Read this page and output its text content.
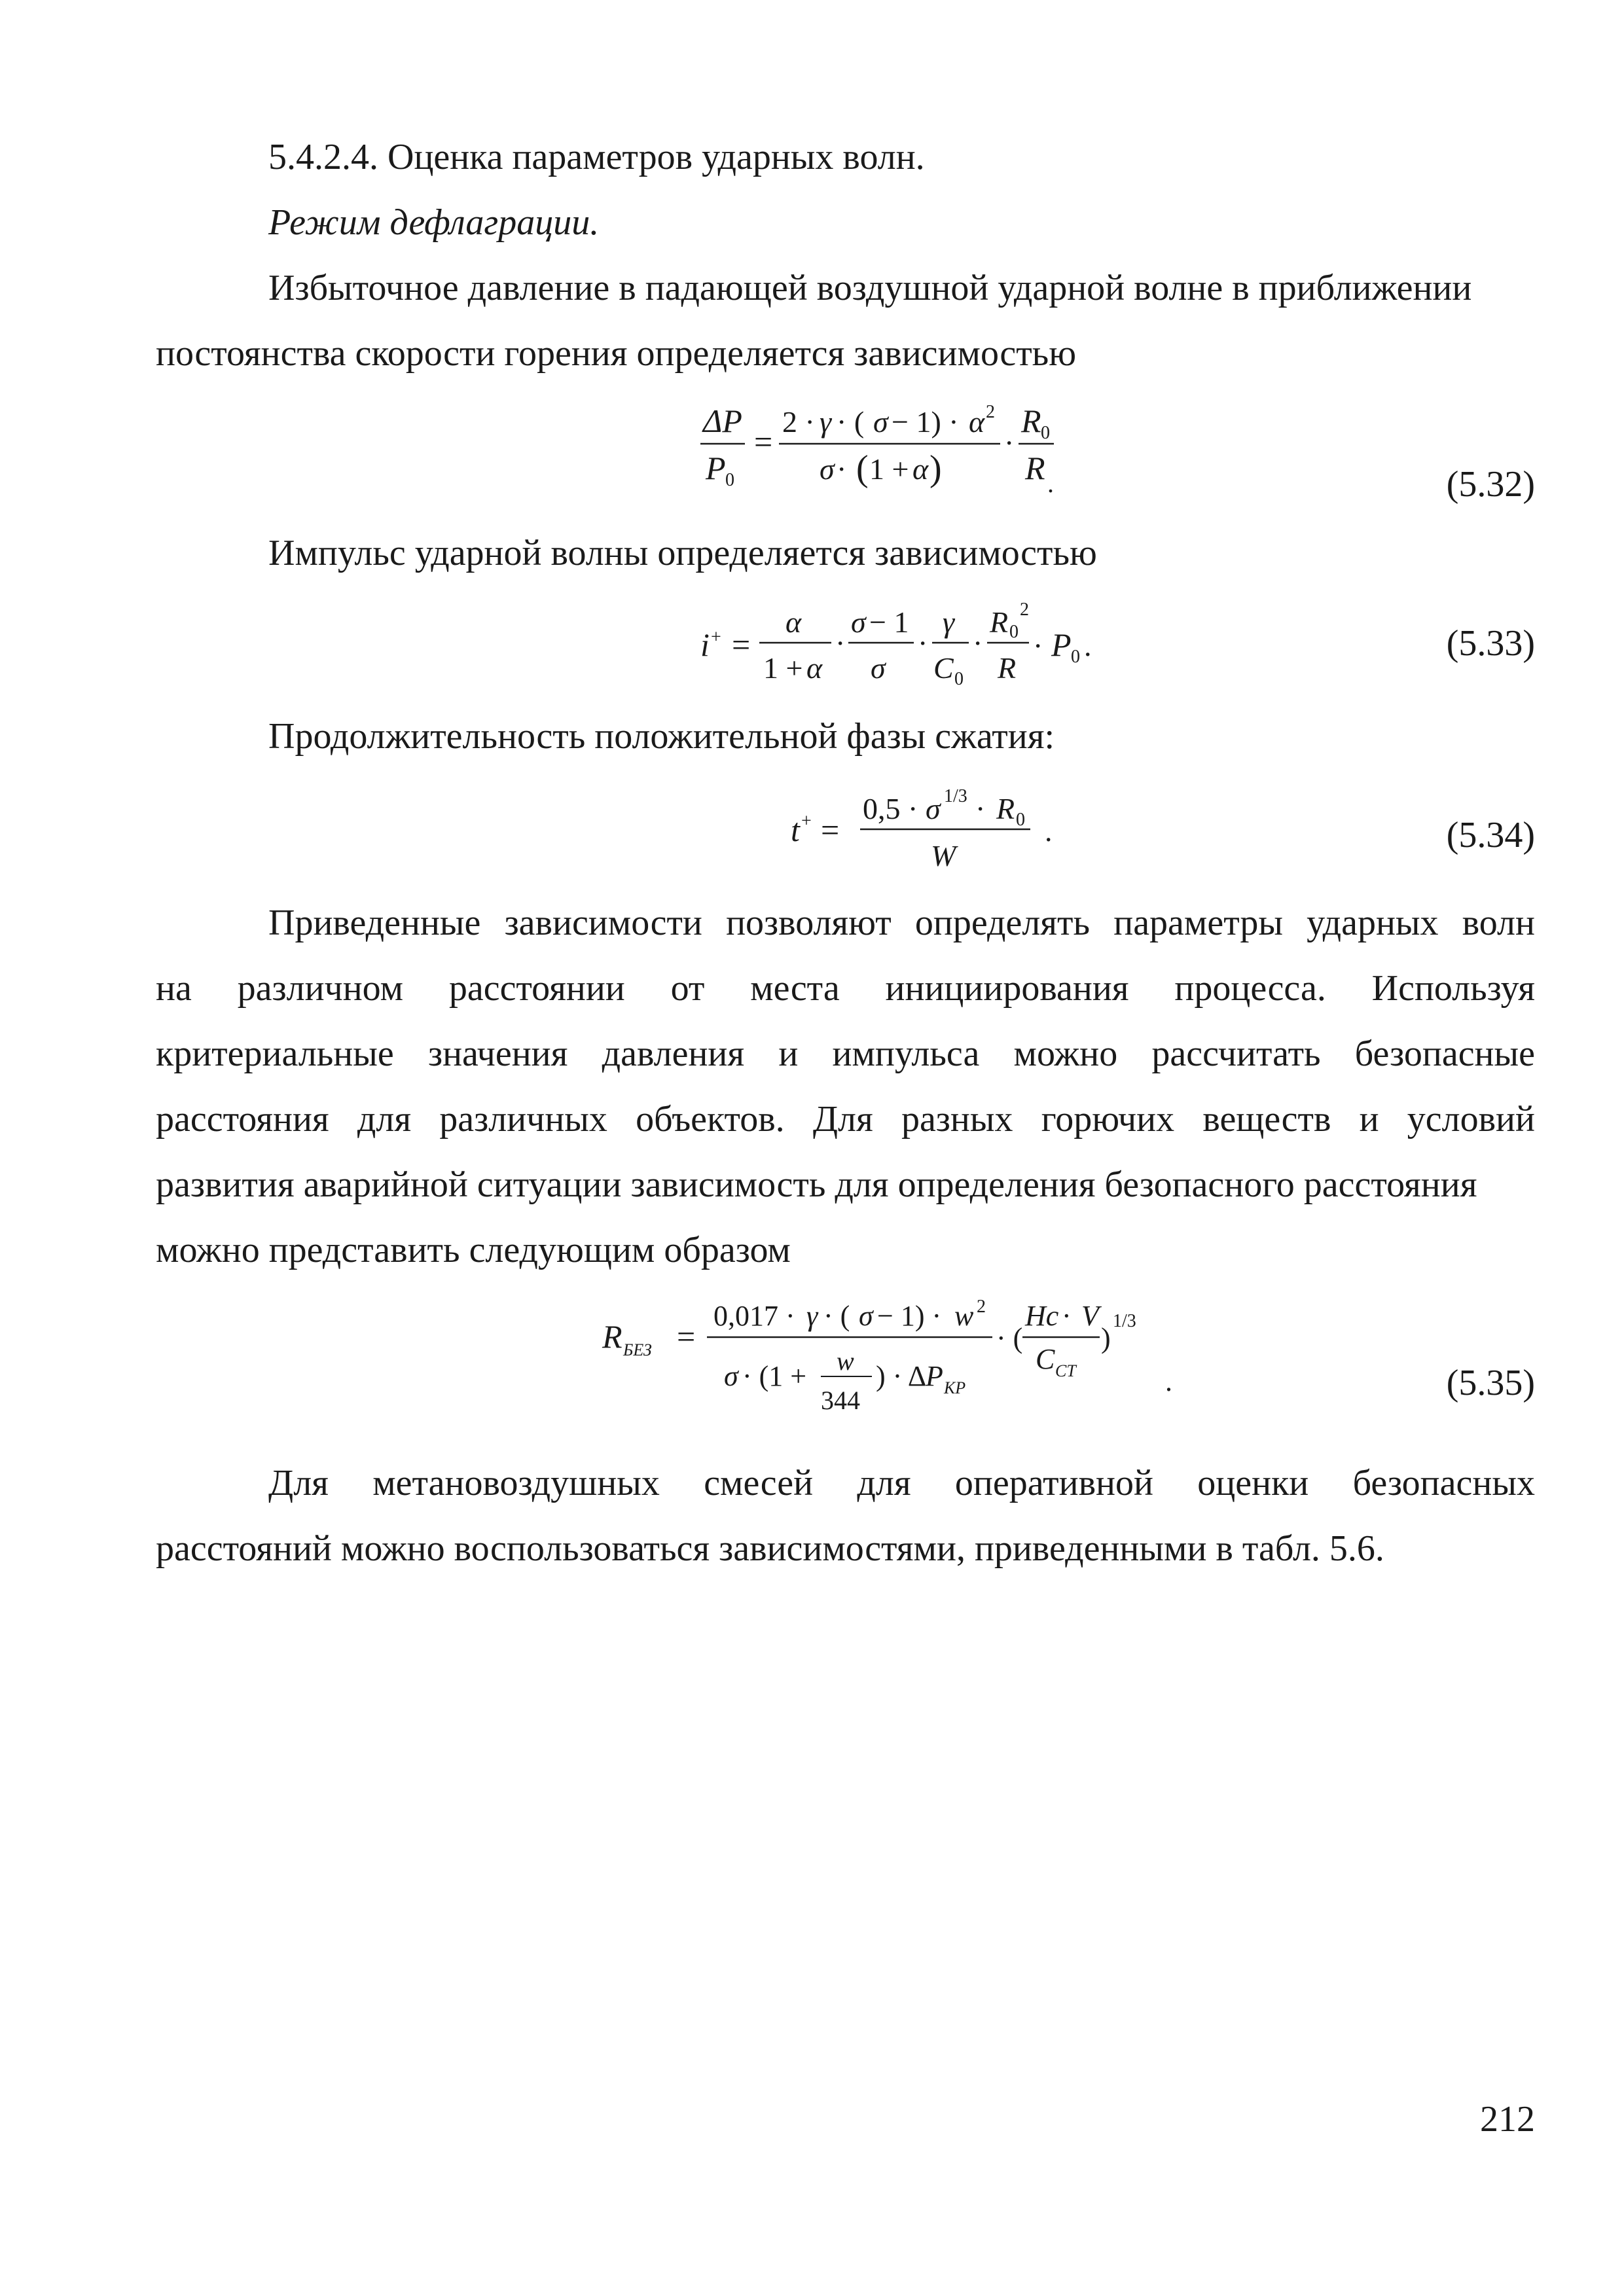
5.4.2.4. Оценка параметров ударных волн.
Режим дефлаграции.
Избыточное давление в падающей воздушной ударной волне в приближении
постоянства скорости горения определяется зависимостью
ΔP
P 0
=
2 · γ · ( σ − 1) · α 2
σ · ( 1 + α )
·
R 0
R .	(5.32)
Импульс ударной волны определяется зависимостью
i + =
α
1 + α
·
σ − 1
σ
·
γ
C 0
·
R 0
2
R
· P 0 .	(5.33)
Продолжительность положительной фазы сжатия:
t + =
0,5 · σ 1/3 · R 0
W
.	(5.34)
Приведенные зависимости позволяют определять параметры ударных волн
на различном расстоянии от места инициирования процесса. Используя
критериальные значения давления и импульса можно рассчитать безопасные
расстояния для различных объектов. Для разных горючих веществ и условий
развития аварийной ситуации зависимость для определения безопасного расстояния
можно представить следующим образом
R БЕЗ =
0,017 · γ · ( σ − 1) · w 2
σ · (1 + w
344
) · Δ
P КР
· (
Hc · V
C СТ
)
1/3
.	(5.35)
Для метановоздушных смесей для оперативной оценки безопасных
расстояний можно воспользоваться зависимостями, приведенными в табл. 5.6.
212
